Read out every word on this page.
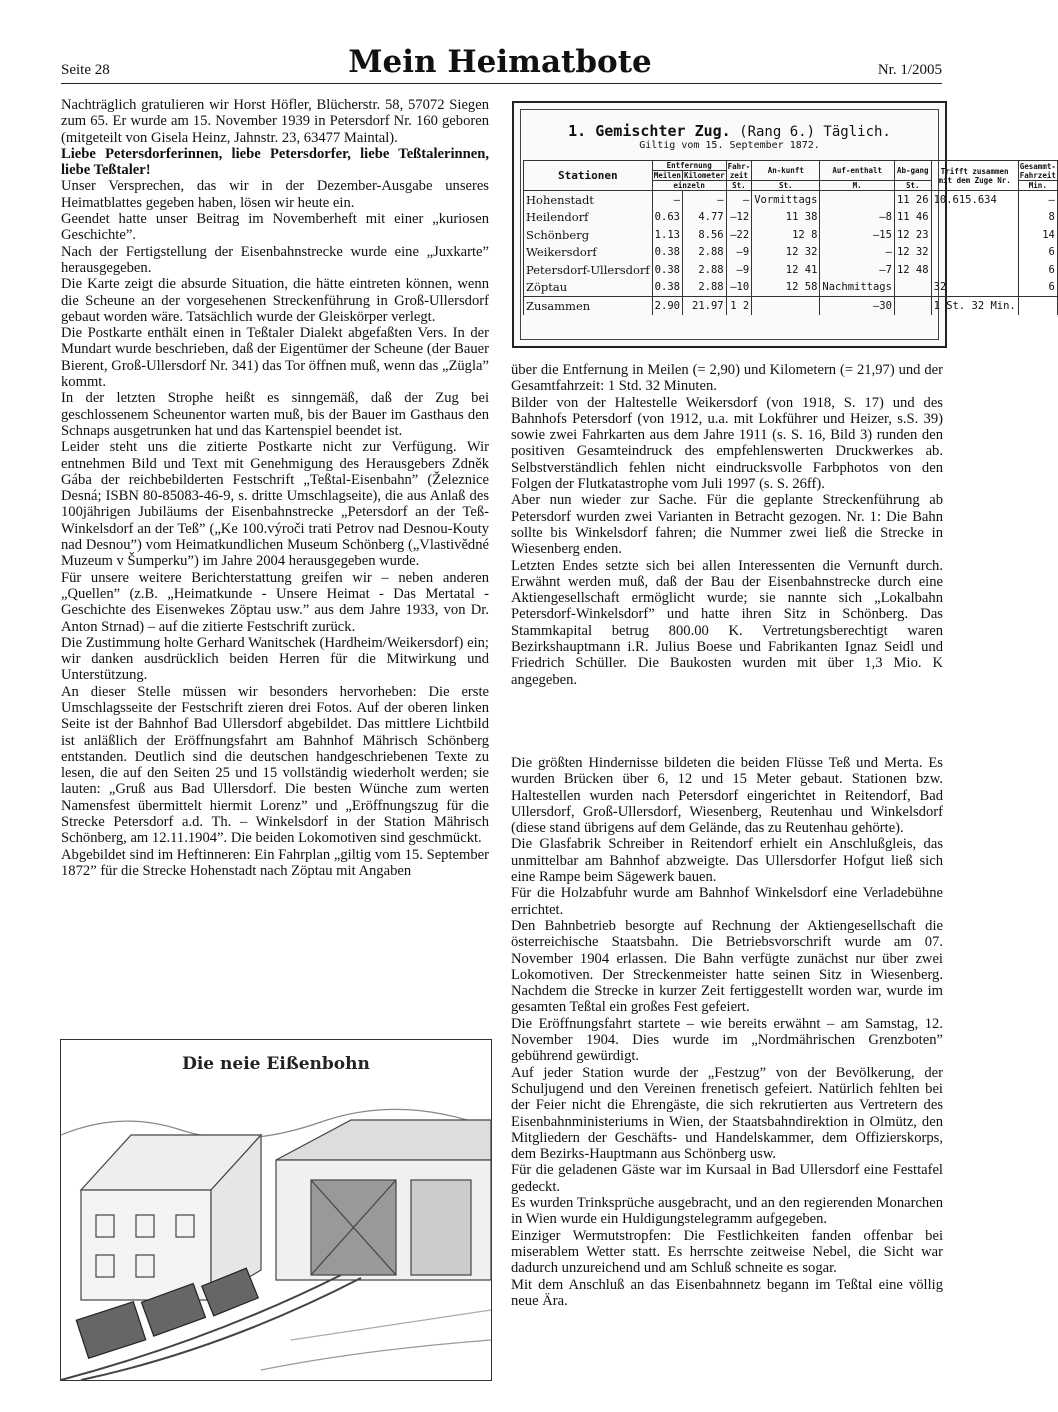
Seite 28	Mein Heimatbote	Nr. 1/2005

Nachträglich gratulieren wir Horst Höfler, Blücherstr. 58, 57072 Siegen zum 65. Er wurde am 15. November 1939 in Petersdorf Nr. 160 geboren (mitgeteilt von Gisela Heinz, Jahnstr. 23, 63477 Maintal).

Liebe Petersdorferinnen, liebe Petersdorfer, liebe Teßtalerinnen, liebe Teßtaler!

Unser Versprechen, das wir in der Dezember-Ausgabe unseres Heimatblattes gegeben haben, lösen wir heute ein.

Geendet hatte unser Beitrag im Novemberheft mit einer „kuriosen Geschichte”.

Nach der Fertigstellung der Eisenbahnstrecke wurde eine „Juxkarte” herausgegeben.

Die Karte zeigt die absurde Situation, die hätte eintreten können, wenn die Scheune an der vorgesehenen Streckenführung in Groß-Ullersdorf gebaut worden wäre. Tatsächlich wurde der Gleiskörper verlegt.

Die Postkarte enthält einen in Teßtaler Dialekt abgefaßten Vers. In der Mundart wurde beschrieben, daß der Eigentümer der Scheune (der Bauer Bierent, Groß-Ullersdorf Nr. 341) das Tor öffnen muß, wenn das „Zügla” kommt.

In der letzten Strophe heißt es sinngemäß, daß der Zug bei geschlossenem Scheunentor warten muß, bis der Bauer im Gasthaus den Schnaps ausgetrunken hat und das Kartenspiel beendet ist.

Leider steht uns die zitierte Postkarte nicht zur Verfügung. Wir entnehmen Bild und Text mit Genehmigung des Herausgebers Zdněk Gába der reichbebilderten Festschrift „Teßtal-Eisenbahn” (Železnice Desná; ISBN 80-85083-46-9, s. dritte Umschlagseite), die aus Anlaß des 100jährigen Jubiläums der Eisenbahnstrecke „Petersdorf an der Teß-Winkelsdorf an der Teß” („Ke 100.výroči trati Petrov nad Desnou-Kouty nad Desnou”) vom Heimatkundlichen Museum Schönberg („Vlastivědné Muzeum v Šumperku”) im Jahre 2004 herausgegeben wurde.

Für unsere weitere Berichterstattung greifen wir – neben anderen „Quellen” (z.B. „Heimatkunde - Unsere Heimat - Das Mertatal - Geschichte des Eisenwekes Zöptau usw.” aus dem Jahre 1933, von Dr. Anton Strnad) – auf die zitierte Festschrift zurück.

Die Zustimmung holte Gerhard Wanitschek (Hardheim/Weikersdorf) ein; wir danken ausdrücklich beiden Herren für die Mitwirkung und Unterstützung.

An dieser Stelle müssen wir besonders hervorheben: Die erste Umschlagsseite der Festschrift zieren drei Fotos. Auf der oberen linken Seite ist der Bahnhof Bad Ullersdorf abgebildet. Das mittlere Lichtbild ist anläßlich der Eröffnungsfahrt am Bahnhof Mährisch Schönberg entstanden. Deutlich sind die deutschen handgeschriebenen Texte zu lesen, die auf den Seiten 25 und 15 vollständig wiederholt werden; sie lauten: „Gruß aus Bad Ullersdorf. Die besten Wünche zum werten Namensfest übermittelt hiermit Lorenz” und „Eröffnungszug für die Strecke Petersdorf a.d. Th. – Winkelsdorf in der Station Mährisch Schönberg, am 12.11.1904”. Die beiden Lokomotiven sind geschmückt.

Abgebildet sind im Heftinneren: Ein Fahrplan „giltig vom 15. September 1872” für die Strecke Hohenstadt nach Zöptau mit Angaben

1. Gemischter Zug. (Rang 6.) Täglich.
Giltig vom 15. September 1872.
Stationen	Entfernung		Fahr-zeit	An-kunft	Auf-enthalt	Ab-gang	Trifft zusammen mit dem Zuge Nr.	Gesammt-Fahrzeit
	Meilen	Kilometer						
	einzeln		St.	St.	M.	St.		Min.
Hohenstadt	—	—	—	Vormittags		11 26	10.615.634	—
Heilendorf	0.63	4.77	—12	11 38	—8	11 46		8
Schönberg	1.13	8.56	—22	12 8	—15	12 23		14
Weikersdorf	0.38	2.88	—9	12 32	—	12 32		6
Petersdorf-Ullersdorf	0.38	2.88	—9	12 41	—7	12 48		6
Zöptau	0.38	2.88	—10	12 58	Nachmittags		32	6
Zusammen	2.90	21.97	1 2		—30		1 St. 32 Min.	

über die Entfernung in Meilen (= 2,90) und Kilometern (= 21,97) und der Gesamtfahrzeit: 1 Std. 32 Minuten.

Bilder von der Haltestelle Weikersdorf (von 1918, S. 17) und des Bahnhofs Petersdorf (von 1912, u.a. mit Lokführer und Heizer, s.S. 39) sowie zwei Fahrkarten aus dem Jahre 1911 (s. S. 16, Bild 3) runden den positiven Gesamteindruck des empfehlenswerten Druckwerkes ab. Selbstverständlich fehlen nicht eindrucksvolle Farbphotos von den Folgen der Flutkatastrophe vom Juli 1997 (s. S. 26ff).

Aber nun wieder zur Sache. Für die geplante Streckenführung ab Petersdorf wurden zwei Varianten in Betracht gezogen. Nr. 1: Die Bahn sollte bis Winkelsdorf fahren; die Nummer zwei ließ die Strecke in Wiesenberg enden.

Letzten Endes setzte sich bei allen Interessenten die Vernunft durch. Erwähnt werden muß, daß der Bau der Eisenbahnstrecke durch eine Aktiengesellschaft ermöglicht wurde; sie nannte sich „Lokalbahn Petersdorf-Winkelsdorf” und hatte ihren Sitz in Schönberg. Das Stammkapital betrug 800.00 K. Vertretungsberechtigt waren Bezirkshauptmann i.R. Julius Boese und Fabrikanten Ignaz Seidl und Friedrich Schüller. Die Baukosten wurden mit über 1,3 Mio. K angegeben.

Die größten Hindernisse bildeten die beiden Flüsse Teß und Merta. Es wurden Brücken über 6, 12 und 15 Meter gebaut. Stationen bzw. Haltestellen wurden nach Petersdorf eingerichtet in Reitendorf, Bad Ullersdorf, Groß-Ullersdorf, Wiesenberg, Reutenhau und Winkelsdorf (diese stand übrigens auf dem Gelände, das zu Reutenhau gehörte).

Die Glasfabrik Schreiber in Reitendorf erhielt ein Anschlußgleis, das unmittelbar am Bahnhof abzweigte. Das Ullersdorfer Hofgut ließ sich eine Rampe beim Sägewerk bauen.

Für die Holzabfuhr wurde am Bahnhof Winkelsdorf eine Verladebühne errichtet.

Den Bahnbetrieb besorgte auf Rechnung der Aktiengesellschaft die österreichische Staatsbahn. Die Betriebsvorschrift wurde am 07. November 1904 erlassen. Die Bahn verfügte zunächst nur über zwei Lokomotiven. Der Streckenmeister hatte seinen Sitz in Wiesenberg. Nachdem die Strecke in kurzer Zeit fertiggestellt worden war, wurde im gesamten Teßtal ein großes Fest gefeiert.

Die Eröffnungsfahrt startete – wie bereits erwähnt – am Samstag, 12. November 1904. Dies wurde im „Nordmährischen Grenzboten” gebührend gewürdigt.

Auf jeder Station wurde der „Festzug” von der Bevölkerung, der Schuljugend und den Vereinen frenetisch gefeiert. Natürlich fehlten bei der Feier nicht die Ehrengäste, die sich rekrutierten aus Vertretern des Eisenbahnministeriums in Wien, der Staatsbahndirektion in Olmütz, den Mitgliedern der Geschäfts- und Handelskammer, dem Offizierskorps, dem Bezirks-Hauptmann aus Schönberg usw.

Für die geladenen Gäste war im Kursaal in Bad Ullersdorf eine Festtafel gedeckt.

Es wurden Trinksprüche ausgebracht, und an den regierenden Monarchen in Wien wurde ein Huldigungstelegramm aufgegeben.

Einziger Wermutstropfen: Die Festlichkeiten fanden offenbar bei miserablem Wetter statt. Es herrschte zeitweise Nebel, die Sicht war dadurch unzureichend und am Schluß schneite es sogar.

Mit dem Anschluß an das Eisenbahnnetz begann im Teßtal eine völlig neue Ära.

Die neie Eißenbohn
